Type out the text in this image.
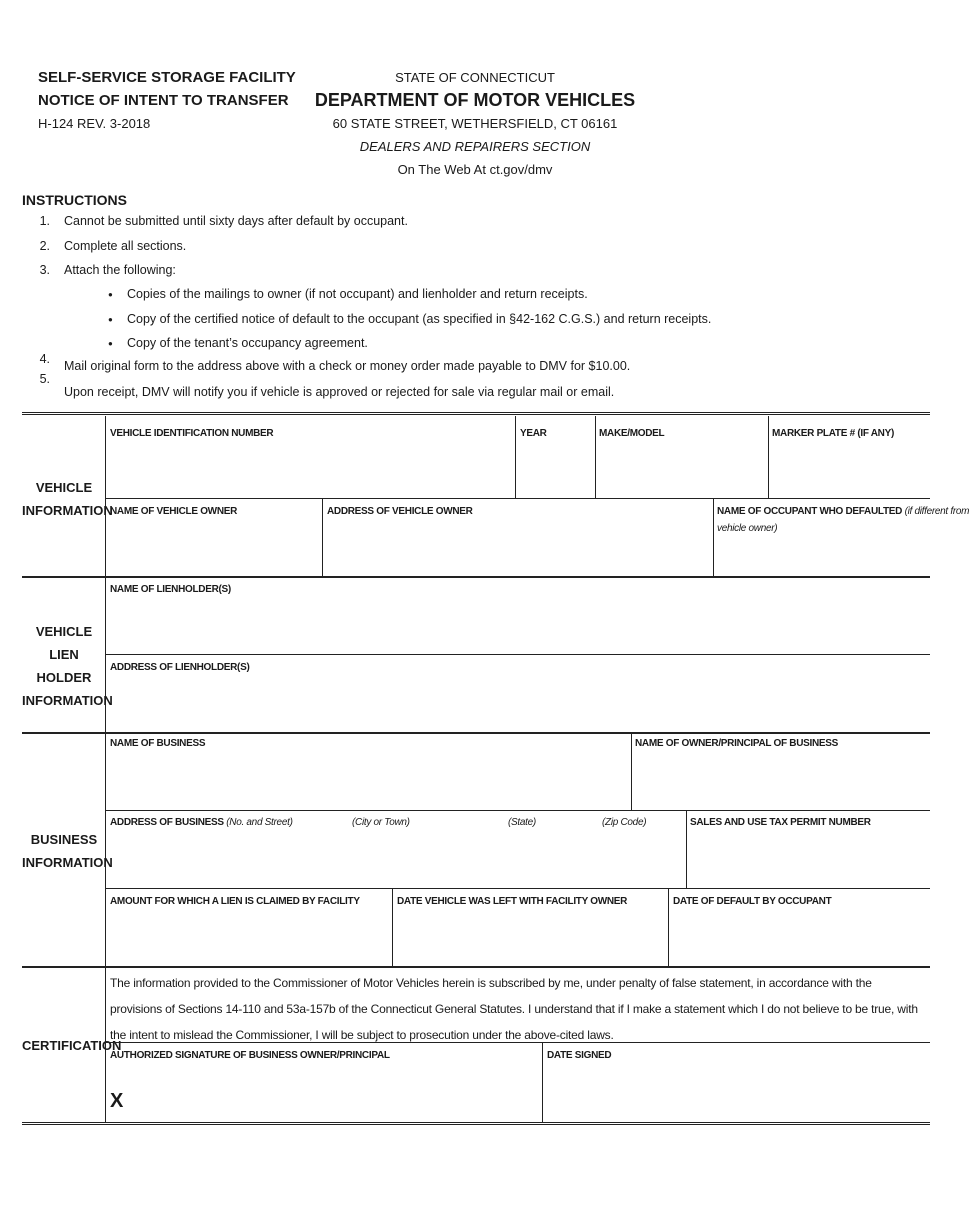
SELF-SERVICE STORAGE FACILITY
NOTICE OF INTENT TO TRANSFER
H-124 REV. 3-2018
STATE OF CONNECTICUT
DEPARTMENT OF MOTOR VEHICLES
60 STATE STREET, WETHERSFIELD, CT 06161
DEALERS AND REPAIRERS SECTION
On The Web At ct.gov/dmv
INSTRUCTIONS
1. Cannot be submitted until sixty days after default by occupant.
2. Complete all sections.
3. Attach the following:
● Copies of the mailings to owner (if not occupant) and lienholder and return receipts.
● Copy of the certified notice of default to the occupant (as specified in §42-162 C.G.S.) and return receipts.
● Copy of the tenant’s occupancy agreement.
4. Mail original form to the address above with a check or money order made payable to DMV for $10.00.
5.
Upon receipt, DMV will notify you if vehicle is approved or rejected for sale via regular mail or email.
VEHICLE
INFORMATION
VEHICLE
LIEN HOLDER
INFORMATION
BUSINESS
INFORMATION
CERTIFICATION
VEHICLE IDENTIFICATION NUMBER	YEAR	MAKE/MODEL	MARKER PLATE # (IF ANY)
NAME OF VEHICLE OWNER	ADDRESS OF VEHICLE OWNER	NAME OF OCCUPANT WHO DEFAULTED (if different from
vehicle owner)
NAME OF LIENHOLDER(S)
ADDRESS OF LIENHOLDER(S)
NAME OF BUSINESS	NAME OF OWNER/PRINCIPAL OF BUSINESS
ADDRESS OF BUSINESS (No. and Street)	(City or Town)	(State)	(Zip Code)	SALES AND USE TAX PERMIT NUMBER
AMOUNT FOR WHICH A LIEN IS CLAIMED BY FACILITY	DATE VEHICLE WAS LEFT WITH FACILITY OWNER	DATE OF DEFAULT BY OCCUPANT
The information provided to the Commissioner of Motor Vehicles herein is subscribed by me, under penalty of false statement, in accordance with the provisions of Sections 14-110 and 53a-157b of the Connecticut General Statutes. I understand that if I make a statement which I do not believe to be true, with the intent to mislead the Commissioner, I will be subject to prosecution under the above-cited laws.
AUTHORIZED SIGNATURE OF BUSINESS OWNER/PRINCIPAL
X
DATE SIGNED
